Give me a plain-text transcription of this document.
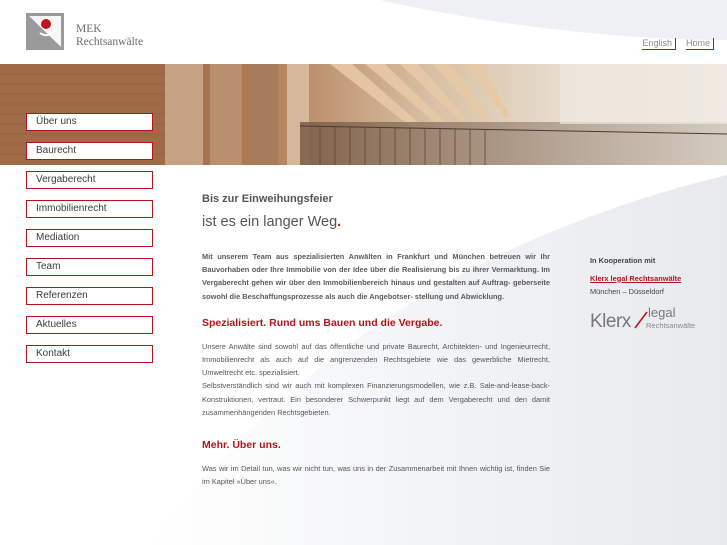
MEK
Rechtsanwälte	English	Home
Über uns
Baurecht
Vergaberecht
Immobilienrecht
Mediation
Team
Referenzen
Aktuelles
Kontakt
Bis zur Einweihungsfeier
ist es ein langer Weg.

Mit unserem Team aus spezialisierten Anwälten in Frankfurt und München betreuen wir Ihr Bauvorhaben oder Ihre Immobilie von der Idee über die Realisierung bis zu ihrer Vermarktung. Im Vergaberecht gehen wir über den Immobilienbereich hinaus und gestalten auf Auftrag- geberseite sowohl die Beschaffungsprozesse als auch die Angebotser- stellung und Abwicklung.

Spezialisiert. Rund ums Bauen und die Vergabe.

Unsere Anwälte sind sowohl auf das öffentliche und private Baurecht, Architekten- und Ingenieurrecht, Immobilienrecht als auch auf die angrenzenden Rechtsgebiete wie das gewerbliche Mietrecht, Umweltrecht etc. spezialisiert.

Selbstverständlich sind wir auch mit komplexen Finanzierungsmodellen, wie z.B. Sale-and-lease-back-Konstruktionen, vertraut. Ein besonderer Schwerpunkt liegt auf dem Vergaberecht und den damit zusammenhängenden Rechtsgebieten.

Mehr. Über uns.

Was wir im Detail tun, was wir nicht tun, was uns in der Zusammenarbeit mit Ihnen wichtig ist, finden Sie im Kapitel »Über uns«.

In Kooperation mit
Klerx legal Rechtsanwälte
München – Düsseldorf
Klerx legal
Rechtsanwälte
